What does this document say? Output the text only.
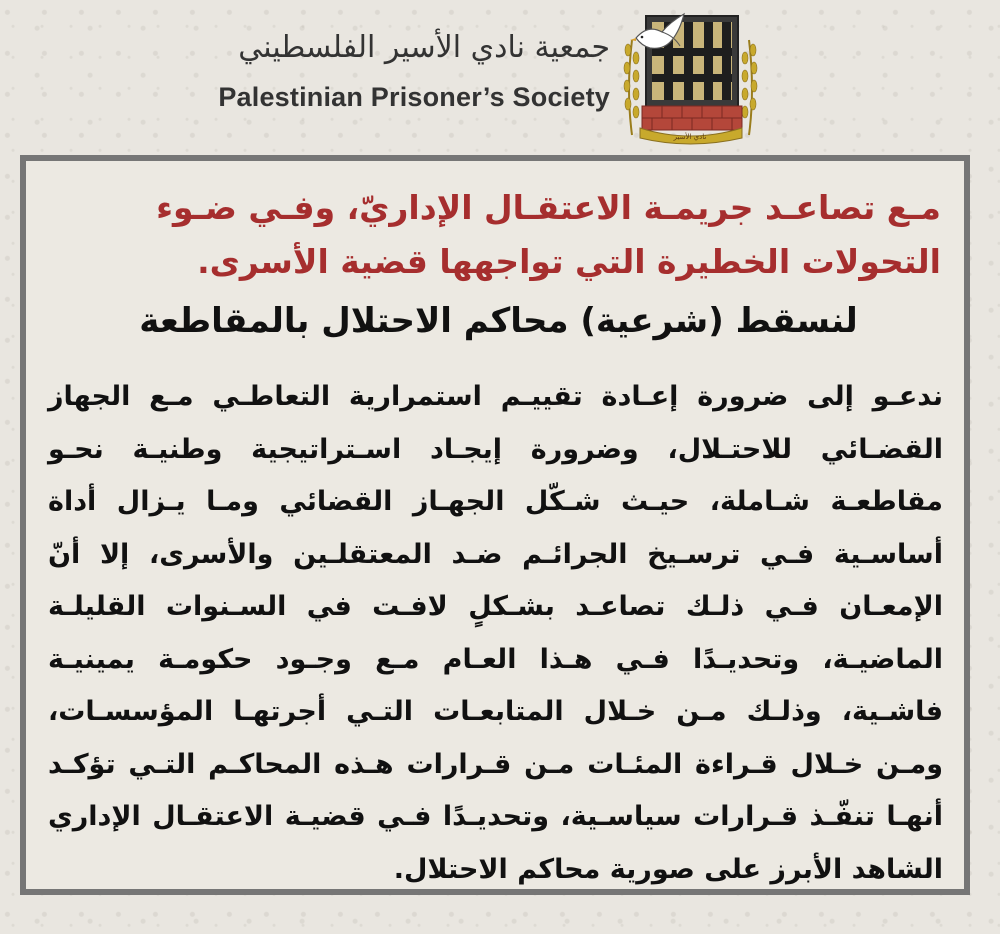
جمعية نادي الأسير الفلسطيني
Palestinian Prisoner’s Society
نادي الأسير
مـع تصاعـد جريمـة الاعتقـال الإداريّ، وفـي ضـوء التحولات الخطيرة التي تواجهها قضية الأسرى.
لنسقط (شرعية) محاكم الاحتلال بالمقاطعة
ندعـو إلى ضرورة إعـادة تقييـم استمرارية التعاطـي مـع الجهاز القضـائي للاحتـلال، وضرورة إيجـاد اسـتراتيجية وطنيـة نحـو مقاطعـة شـاملة، حيـث شـكّل الجهـاز القضائي ومـا يـزال أداة أساسـية فـي ترسـيخ الجرائـم ضـد المعتقلـين والأسرى، إلا أنّ الإمعـان فـي ذلـك تصاعـد بشـكلٍ لافـت في السـنوات القليلـة الماضيـة، وتحديـدًا فـي هـذا العـام مـع وجـود حكومـة يمينيـة فاشـية، وذلـك مـن خـلال المتابعـات التـي أجرتهـا المؤسسـات، ومـن خـلال قـراءة المئـات مـن قـرارات هـذه المحاكـم التـي تؤكـد أنهـا تنفّـذ قـرارات سياسـية، وتحديـدًا فـي قضيـة الاعتقـال الإداري الشاهد الأبرز على صورية محاكم الاحتلال.
